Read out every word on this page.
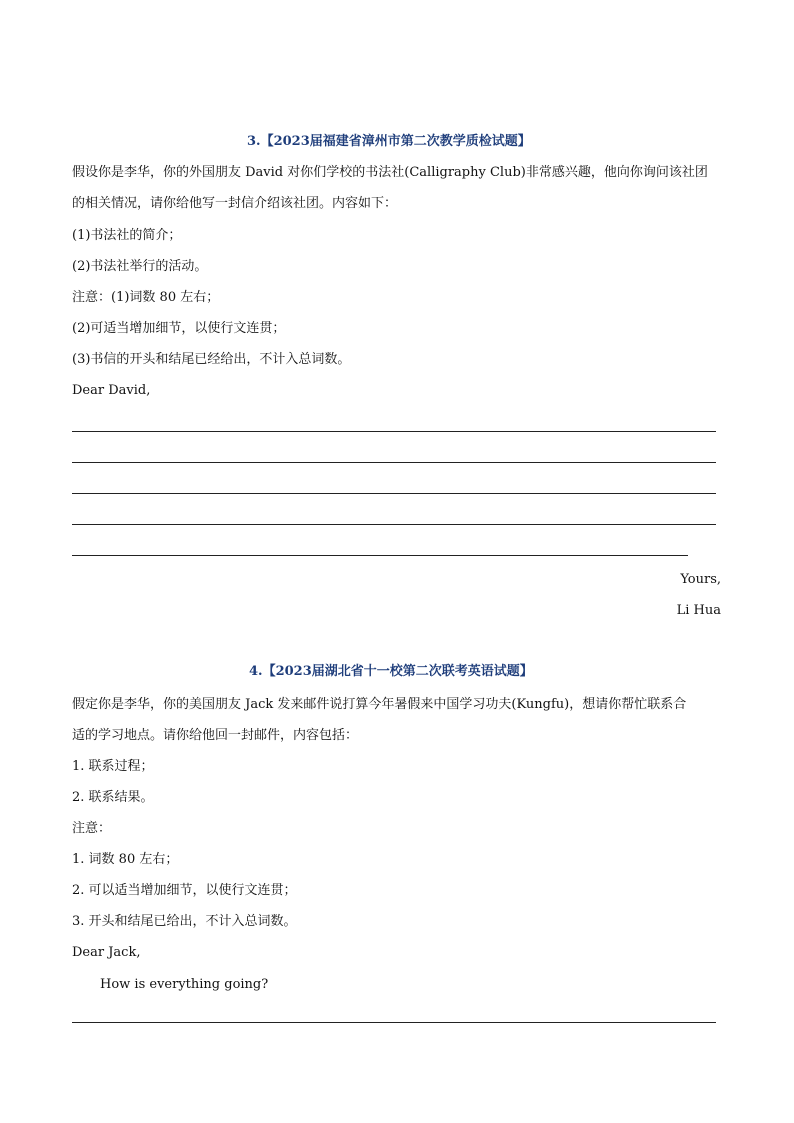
3.【2023届福建省漳州市第二次教学质检试题】
假设你是李华，你的外国朋友 David 对你们学校的书法社(Calligraphy Club)非常感兴趣，他向你询问该社团
的相关情况，请你给他写一封信介绍该社团。内容如下：
(1)书法社的简介；
(2)书法社举行的活动。
注意：(1)词数 80 左右；
(2)可适当增加细节，以使行文连贯；
(3)书信的开头和结尾已经给出，不计入总词数。
Dear David,
Yours,
Li Hua
4.【2023届湖北省十一校第二次联考英语试题】
假定你是李华，你的美国朋友 Jack 发来邮件说打算今年暑假来中国学习功夫(Kungfu)，想请你帮忙联系合
适的学习地点。请你给他回一封邮件，内容包括：
1. 联系过程；
2. 联系结果。
注意：
1. 词数 80 左右；
2. 可以适当增加细节，以使行文连贯；
3. 开头和结尾已给出，不计入总词数。
Dear Jack,
How is everything going?
